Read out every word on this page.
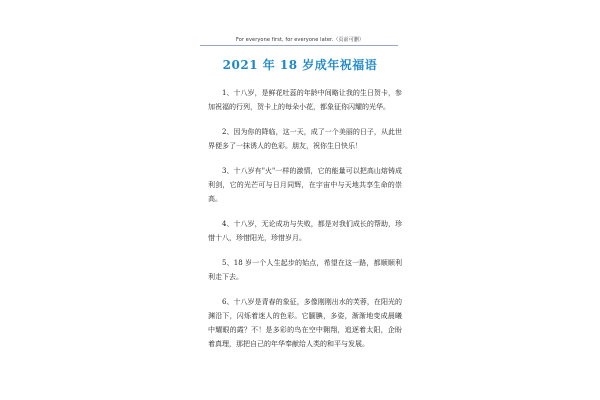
For everyone first, for everyone later.（页前可删）
2021 年 18 岁成年祝福语

1、十八岁，是鲜花吐蕊的年龄中间略让我的生日贺卡，参加祝福的行列，贺卡上的每朵小花，都象征你闪耀的光华。

2、因为你的降临，这一天，成了一个美丽的日子，从此世界便多了一抹诱人的色彩。朋友，祝你生日快乐！

3、十八岁有"火"一样的激情，它的能量可以把高山熔铸成利剑，它的光芒可与日月同辉，在宇宙中与天地共享生命的崇高。

4、十八岁，无论成功与失败，都是对我们成长的帮助，珍惜十八，珍惜阳光，珍惜岁月。

5、18 岁一个人生起步的始点，希望在这一路，都顺顺利利走下去。

6、十八岁是青春的象征，多像刚刚出水的芙蓉，在阳光的渊沿下，闪烁着迷人的色彩。它腼腆，多姿，渐渐地变成晨曦中耀眼的霞？不！是多彩的鸟在空中翱翔，追逐着太阳，企盼着真理，那把自己的年华奉献给人类的和平与发展。
